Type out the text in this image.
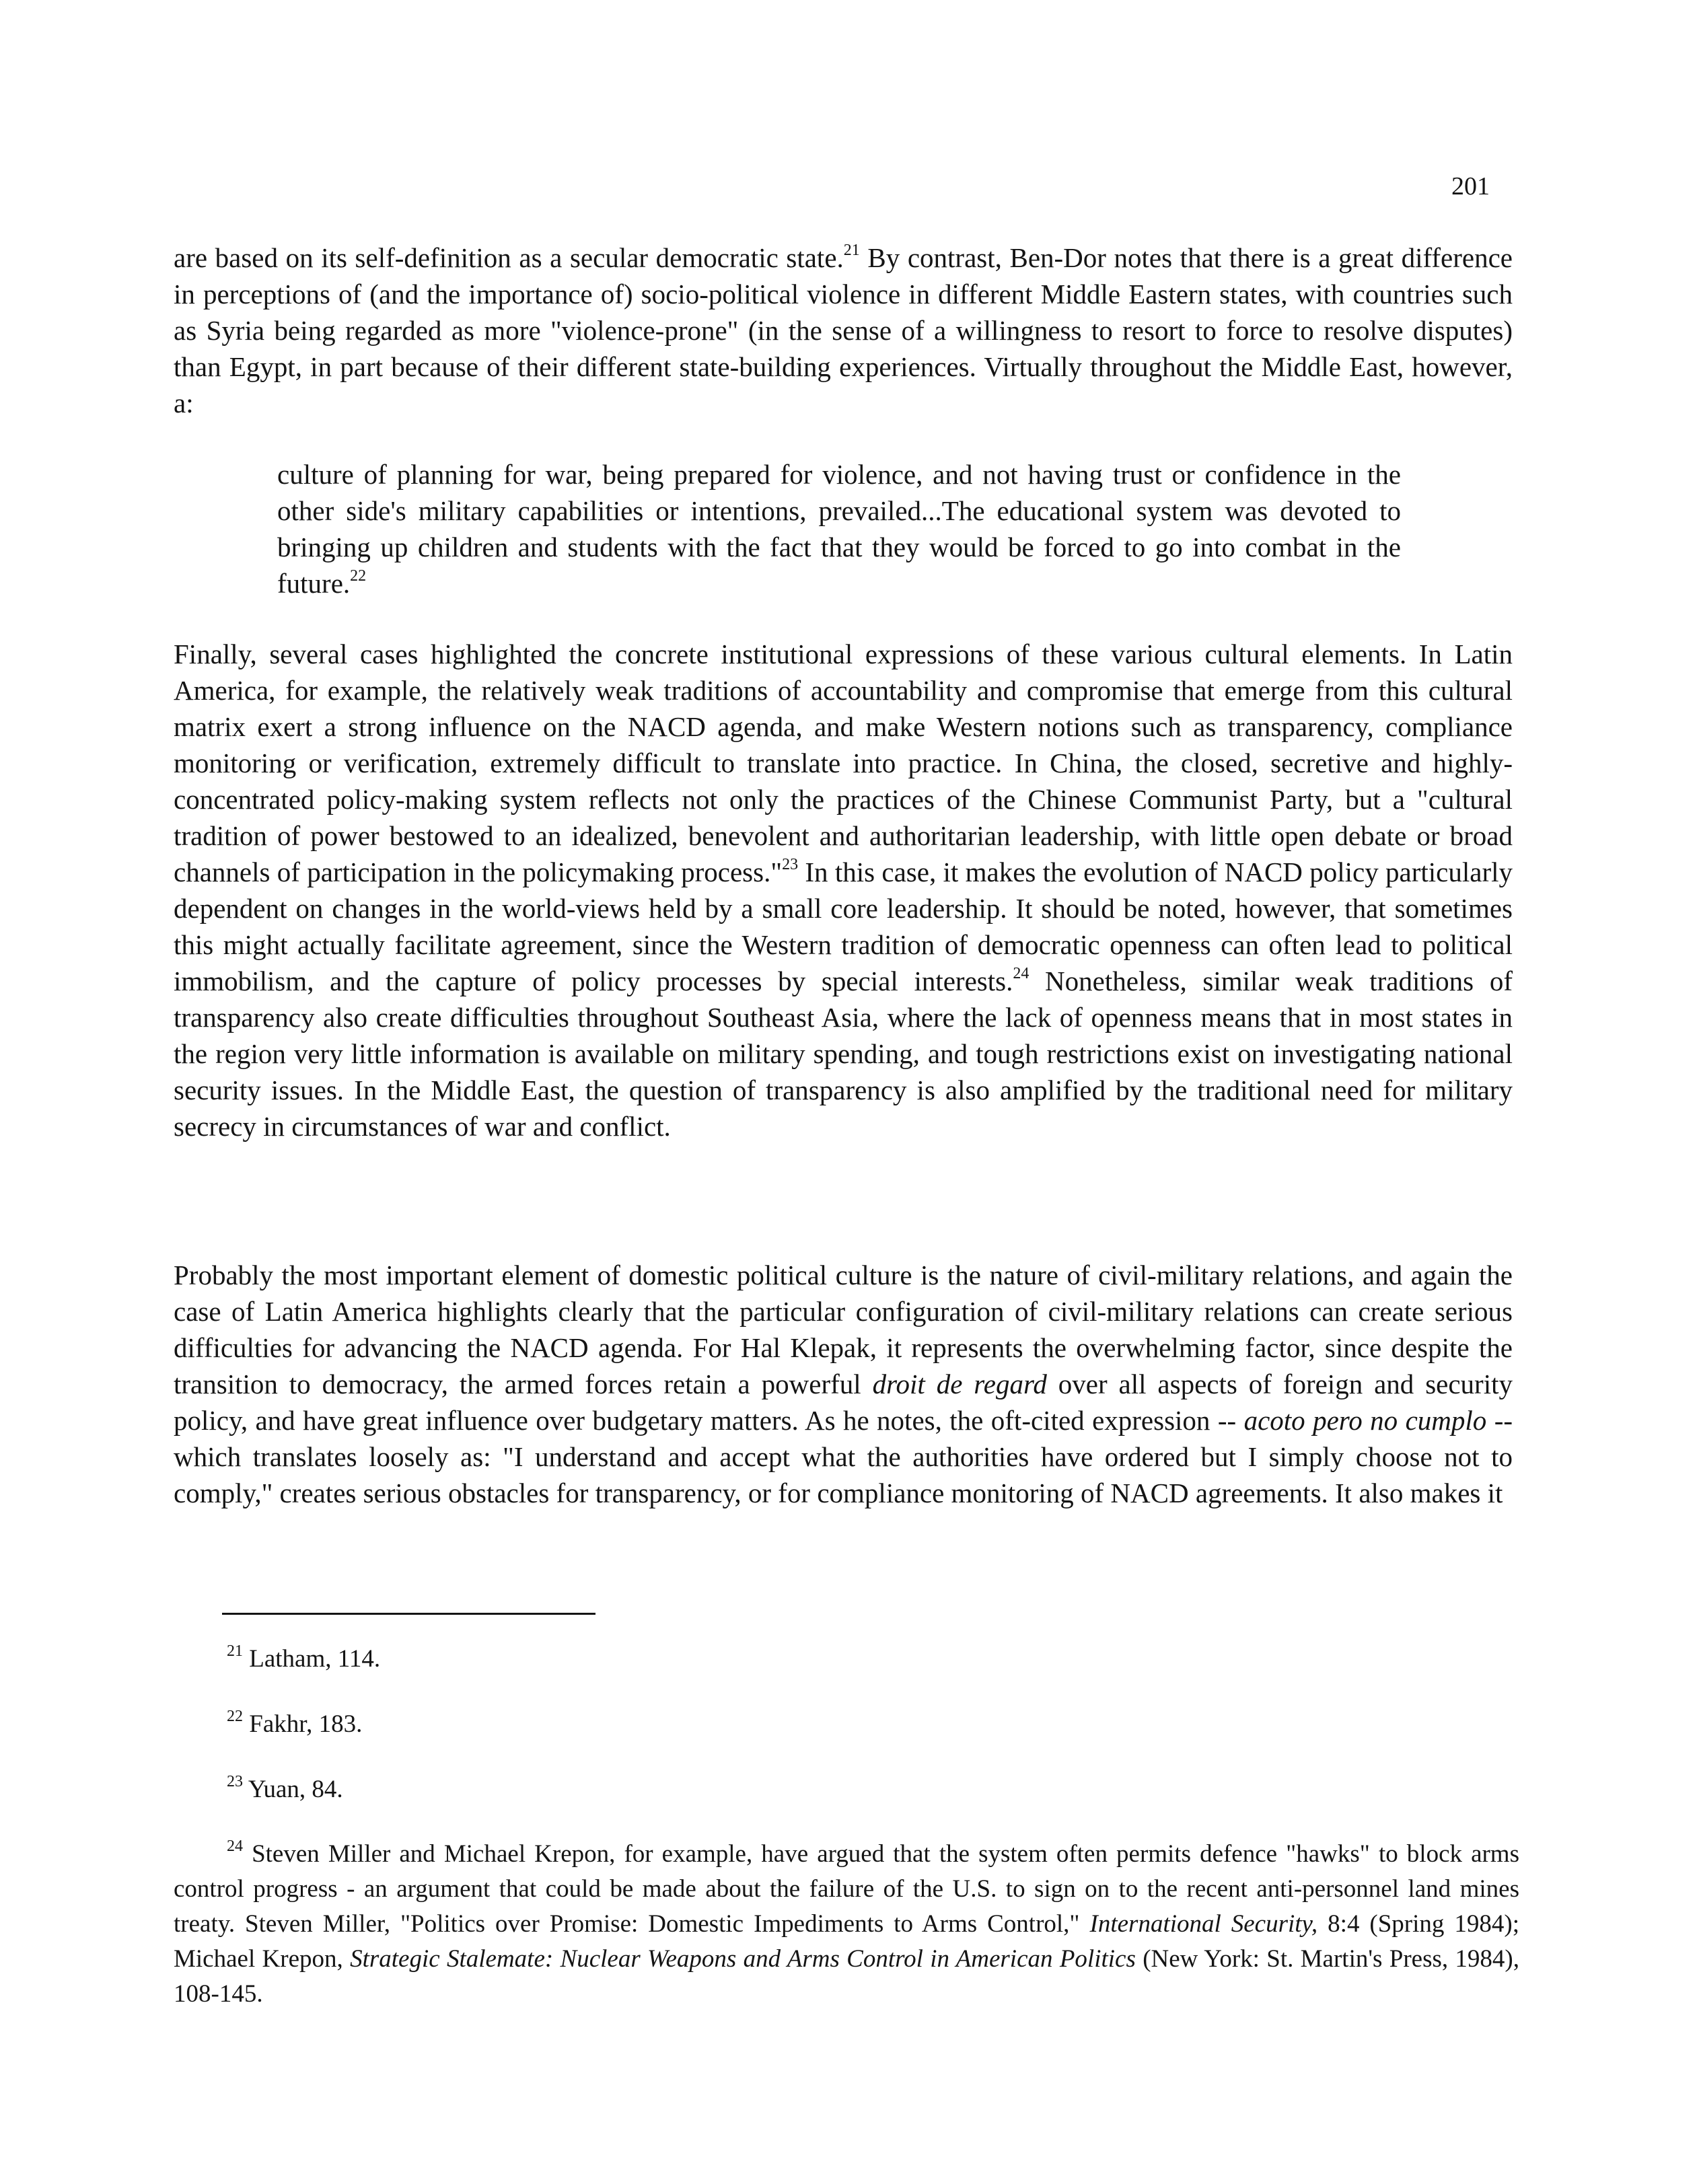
201

are based on its self-definition as a secular democratic state.$^{21}$ By contrast, Ben-Dor notes that there is a great difference in perceptions of (and the importance of) socio-political violence in different Middle Eastern states, with countries such as Syria being regarded as more "violence-prone" (in the sense of a willingness to resort to force to resolve disputes) than Egypt, in part because of their different state-building experiences. Virtually throughout the Middle East, however, a:

culture of planning for war, being prepared for violence, and not having trust or confidence in the other side's military capabilities or intentions, prevailed...The educational system was devoted to bringing up children and students with the fact that they would be forced to go into combat in the future.$^{22}$

Finally, several cases highlighted the concrete institutional expressions of these various cultural elements. In Latin America, for example, the relatively weak traditions of accountability and compromise that emerge from this cultural matrix exert a strong influence on the NACD agenda, and make Western notions such as transparency, compliance monitoring or verification, extremely difficult to translate into practice. In China, the closed, secretive and highly-concentrated policy-making system reflects not only the practices of the Chinese Communist Party, but a "cultural tradition of power bestowed to an idealized, benevolent and authoritarian leadership, with little open debate or broad channels of participation in the policymaking process."$^{23}$ In this case, it makes the evolution of NACD policy particularly dependent on changes in the world-views held by a small core leadership. It should be noted, however, that sometimes this might actually facilitate agreement, since the Western tradition of democratic openness can often lead to political immobilism, and the capture of policy processes by special interests.$^{24}$ Nonetheless, similar weak traditions of transparency also create difficulties throughout Southeast Asia, where the lack of openness means that in most states in the region very little information is available on military spending, and tough restrictions exist on investigating national security issues. In the Middle East, the question of transparency is also amplified by the traditional need for military secrecy in circumstances of war and conflict.

Probably the most important element of domestic political culture is the nature of civil-military relations, and again the case of Latin America highlights clearly that the particular configuration of civil-military relations can create serious difficulties for advancing the NACD agenda. For Hal Klepak, it represents the overwhelming factor, since despite the transition to democracy, the armed forces retain a powerful droit de regard over all aspects of foreign and security policy, and have great influence over budgetary matters. As he notes, the oft-cited expression -- acoto pero no cumplo -- which translates loosely as: "I understand and accept what the authorities have ordered but I simply choose not to comply," creates serious obstacles for transparency, or for compliance monitoring of NACD agreements. It also makes it

$^{21}$ Latham, 114.

$^{22}$ Fakhr, 183.

$^{23}$ Yuan, 84.

$^{24}$ Steven Miller and Michael Krepon, for example, have argued that the system often permits defence "hawks" to block arms control progress - an argument that could be made about the failure of the U.S. to sign on to the recent anti-personnel land mines treaty. Steven Miller, "Politics over Promise: Domestic Impediments to Arms Control," International Security, 8:4 (Spring 1984); Michael Krepon, Strategic Stalemate: Nuclear Weapons and Arms Control in American Politics (New York: St. Martin's Press, 1984), 108-145.
